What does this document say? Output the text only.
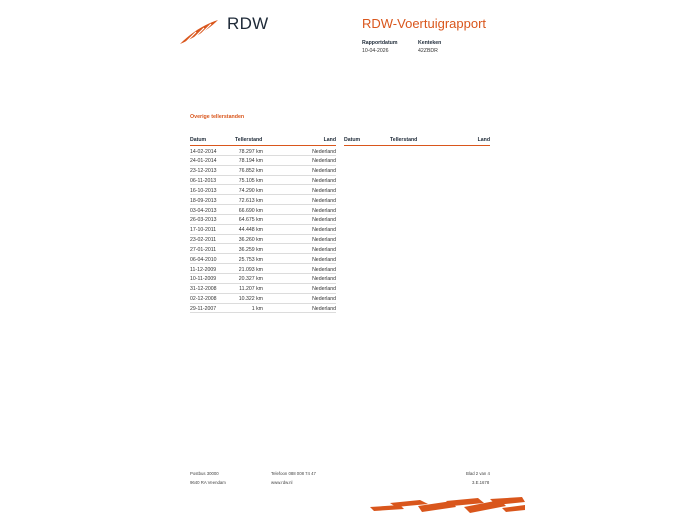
RDW	RDW-Voertuigrapport
Rapportdatum
10-04-2026
Kenteken
42ZBDR
Overige tellerstanden
Datum	Tellerstand	Land
14-02-2014	78.297 km	Nederland
24-01-2014	78.194 km	Nederland
23-12-2013	76.852 km	Nederland
06-11-2013	75.105 km	Nederland
16-10-2013	74.290 km	Nederland
18-09-2013	72.613 km	Nederland
03-04-2013	66.690 km	Nederland
26-03-2013	64.675 km	Nederland
17-10-2011	44.448 km	Nederland
23-02-2011	36.260 km	Nederland
27-01-2011	36.259 km	Nederland
06-04-2010	25.753 km	Nederland
11-12-2009	21.093 km	Nederland
10-11-2009	20.327 km	Nederland
31-12-2008	11.207 km	Nederland
02-12-2008	10.322 km	Nederland
29-11-2007	1 km	Nederland
Datum	Tellerstand	Land
Postbus 30000
9640 RA Veendam
Telefoon 088 008 74 47
www.rdw.nl
Blad 2 van 4
3.E.1678
